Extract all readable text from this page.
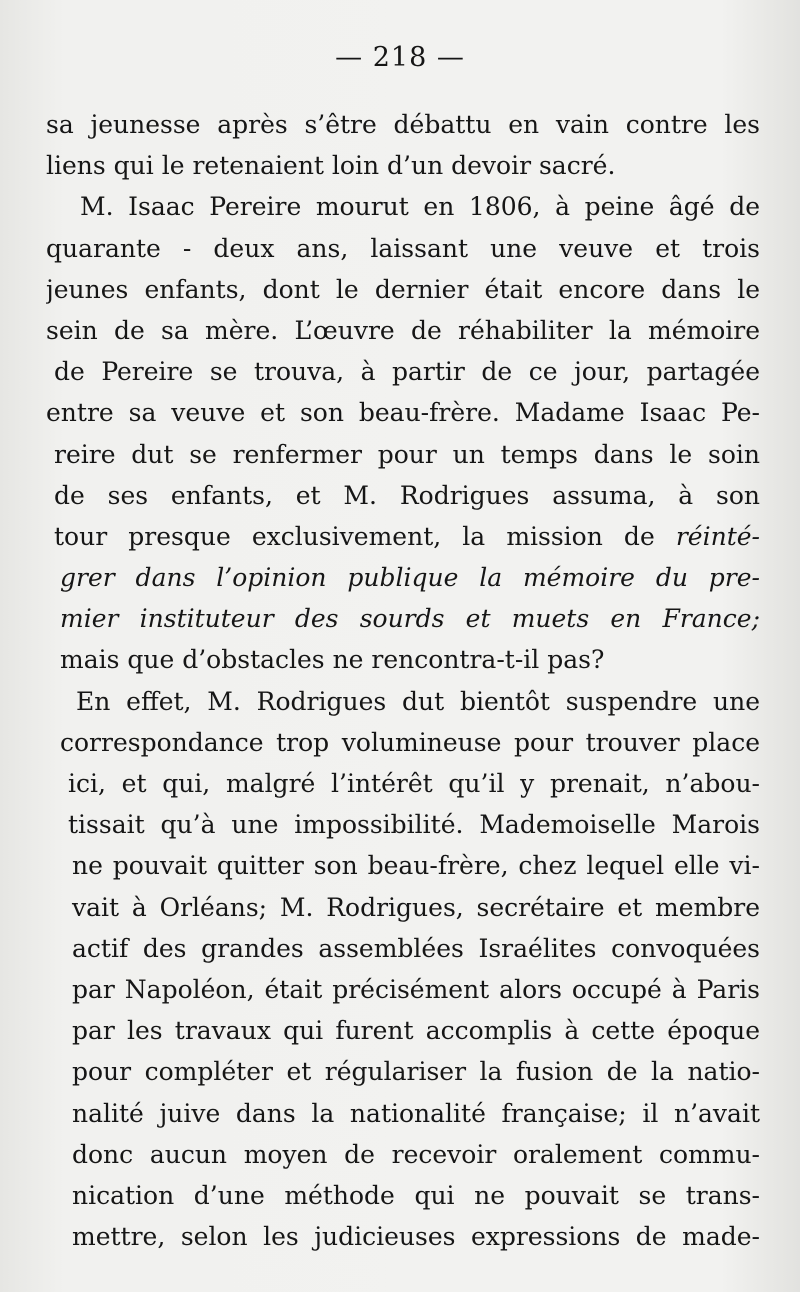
— 218 —
sa jeunesse après s’être débattu en vain contre les
liens qui le retenaient loin d’un devoir sacré.
M. Isaac Pereire mourut en 1806, à peine âgé de
quarante - deux ans, laissant une veuve et trois
jeunes enfants, dont le dernier était encore dans le
sein de sa mère. L’œuvre de réhabiliter la mémoire
de Pereire se trouva, à partir de ce jour, partagée
entre sa veuve et son beau-frère. Madame Isaac Pe-
reire dut se renfermer pour un temps dans le soin
de ses enfants, et M. Rodrigues assuma, à son
tour presque exclusivement, la mission de réinté-
grer dans l’opinion publique la mémoire du pre-
mier instituteur des sourds et muets en France;
mais que d’obstacles ne rencontra-t-il pas?
En effet, M. Rodrigues dut bientôt suspendre une
correspondance trop volumineuse pour trouver place
ici, et qui, malgré l’intérêt qu’il y prenait, n’abou-
tissait qu’à une impossibilité. Mademoiselle Marois
ne pouvait quitter son beau-frère, chez lequel elle vi-
vait à Orléans; M. Rodrigues, secrétaire et membre
actif des grandes assemblées Israélites convoquées
par Napoléon, était précisément alors occupé à Paris
par les travaux qui furent accomplis à cette époque
pour compléter et régulariser la fusion de la natio-
nalité juive dans la nationalité française; il n’avait
donc aucun moyen de recevoir oralement commu-
nication d’une méthode qui ne pouvait se trans-
mettre, selon les judicieuses expressions de made-
